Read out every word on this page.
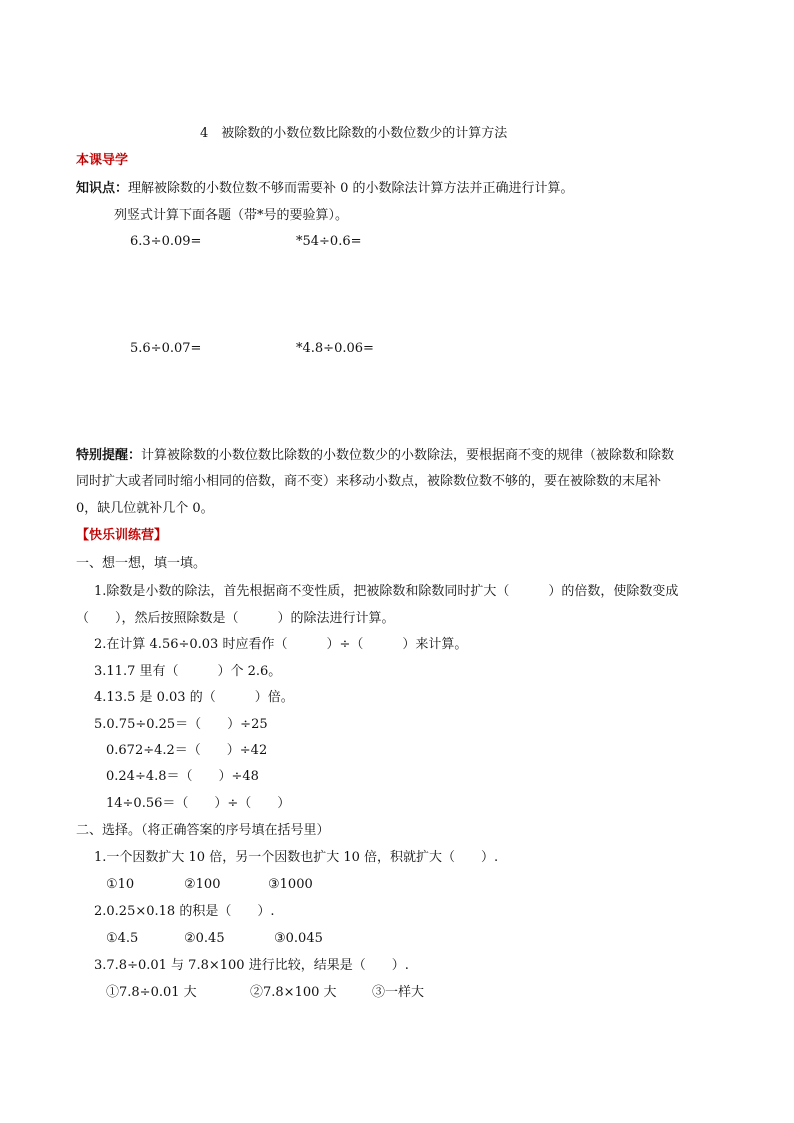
4　被除数的小数位数比除数的小数位数少的计算方法
本课导学
知识点：理解被除数的小数位数不够而需要补 0 的小数除法计算方法并正确进行计算。
列竖式计算下面各题（带*号的要验算）。
6.3÷0.09=	*54÷0.6=
5.6÷0.07=	*4.8÷0.06=
特别提醒：计算被除数的小数位数比除数的小数位数少的小数除法，要根据商不变的规律（被除数和除数
同时扩大或者同时缩小相同的倍数，商不变）来移动小数点，被除数位数不够的，要在被除数的末尾补
0，缺几位就补几个 0。
【快乐训练营】
一、想一想，填一填。
1.除数是小数的除法，首先根据商不变性质，把被除数和除数同时扩大（　　　）的倍数，使除数变成
（　　），然后按照除数是（　　　）的除法进行计算。
2.在计算 4.56÷0.03 时应看作（　　　）÷（　　　）来计算。
3.11.7 里有（　　　）个 2.6。
4.13.5 是 0.03 的（　　　）倍。
5.0.75÷0.25＝（　　）÷25
0.672÷4.2＝（　　）÷42
0.24÷4.8＝（　　）÷48
14÷0.56＝（　　）÷（　　）
二、选择。（将正确答案的序号填在括号里）
1.一个因数扩大 10 倍，另一个因数也扩大 10 倍，积就扩大（　　）.
①10	②100	③1000
2.0.25×0.18 的积是（　　）.
①4.5	②0.45	③0.045
3.7.8÷0.01 与 7.8×100 进行比较，结果是（　　）.
①7.8÷0.01 大	②7.8×100 大	③一样大
